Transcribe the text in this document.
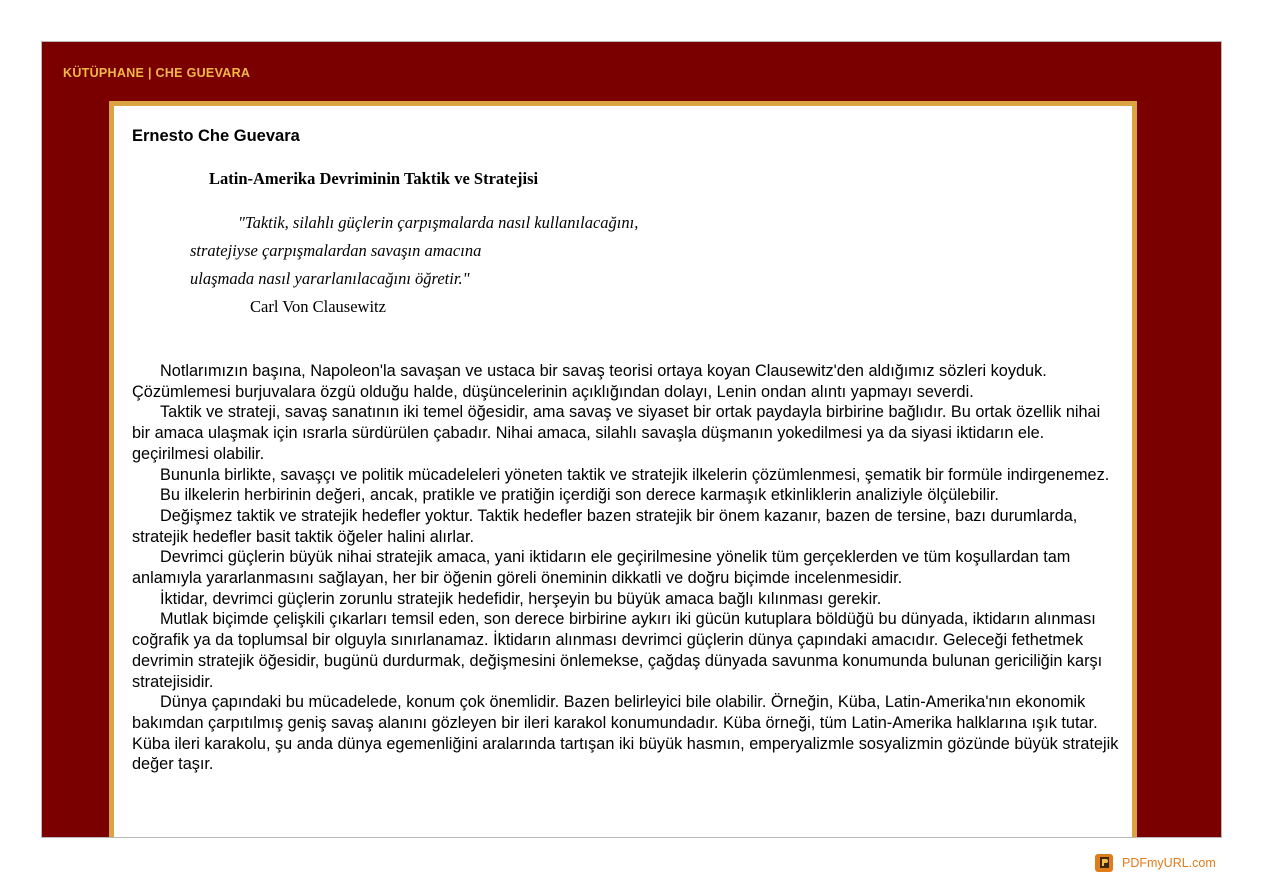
KÜTÜPHANE | CHE GUEVARA
Ernesto Che Guevara
Latin-Amerika Devriminin Taktik ve Stratejisi
"Taktik, silahlı güçlerin çarpışmalarda nasıl kullanılacağını,
stratejiyse çarpışmalardan savaşın amacına
ulaşmada nasıl yararlanılacağını öğretir."
Carl Von Clausewitz

Notlarımızın başına, Napoleon'la savaşan ve ustaca bir savaş teorisi ortaya koyan Clausewitz'den aldığımız sözleri koyduk. Çözümlemesi burjuvalara özgü olduğu halde, düşüncelerinin açıklığından dolayı, Lenin ondan alıntı yapmayı severdi.

Taktik ve strateji, savaş sanatının iki temel öğesidir, ama savaş ve siyaset bir ortak paydayla birbirine bağlıdır. Bu ortak özellik nihai bir amaca ulaşmak için ısrarla sürdürülen çabadır. Nihai amaca, silahlı savaşla düşmanın yokedilmesi ya da siyasi iktidarın ele. geçirilmesi olabilir.

Bununla birlikte, savaşçı ve politik mücadeleleri yöneten taktik ve stratejik ilkelerin çözümlenmesi, şematik bir formüle indirgenemez.

Bu ilkelerin herbirinin değeri, ancak, pratikle ve pratiğin içerdiği son derece karmaşık etkinliklerin analiziyle ölçülebilir.

Değişmez taktik ve stratejik hedefler yoktur. Taktik hedefler bazen stratejik bir önem kazanır, bazen de tersine, bazı durumlarda, stratejik hedefler basit taktik öğeler halini alırlar.

Devrimci güçlerin büyük nihai stratejik amaca, yani iktidarın ele geçirilmesine yönelik tüm gerçeklerden ve tüm koşullardan tam anlamıyla yararlanmasını sağlayan, her bir öğenin göreli öneminin dikkatli ve doğru biçimde incelenmesidir.

İktidar, devrimci güçlerin zorunlu stratejik hedefidir, herşeyin bu büyük amaca bağlı kılınması gerekir.

Mutlak biçimde çelişkili çıkarları temsil eden, son derece birbirine aykırı iki gücün kutuplara böldüğü bu dünyada, iktidarın alınması coğrafik ya da toplumsal bir olguyla sınırlanamaz. İktidarın alınması devrimci güçlerin dünya çapındaki amacıdır. Geleceği fethetmek devrimin stratejik öğesidir, bugünü durdurmak, değişmesini önlemekse, çağdaş dünyada savunma konumunda bulunan gericiliğin karşı stratejisidir.

Dünya çapındaki bu mücadelede, konum çok önemlidir. Bazen belirleyici bile olabilir. Örneğin, Küba, Latin-Amerika'nın ekonomik bakımdan çarpıtılmış geniş savaş alanını gözleyen bir ileri karakol konumundadır. Küba örneği, tüm Latin-Amerika halklarına ışık tutar. Küba ileri karakolu, şu anda dünya egemenliğini aralarında tartışan iki büyük hasmın, emperyalizmle sosyalizmin gözünde büyük stratejik değer taşır.

PDFmyURL.com
